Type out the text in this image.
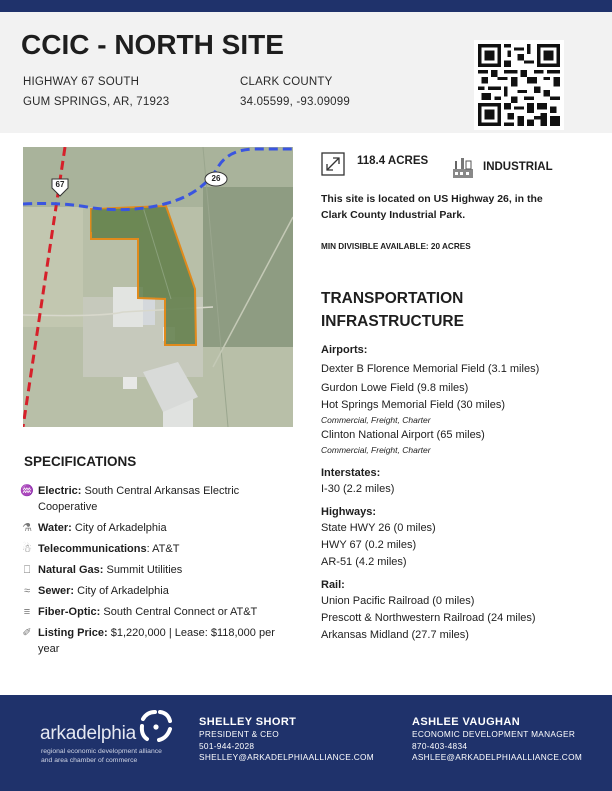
CCIC - NORTH SITE
HIGHWAY 67 SOUTH
GUM SPRINGS, AR, 71923
CLARK COUNTY
34.05599, -93.09099
67
26
118.4 ACRES	INDUSTRIAL
This site is located on US Highway 26, in the Clark County Industrial Park.
MIN DIVISIBLE AVAILABLE: 20 ACRES
TRANSPORTATION
INFRASTRUCTURE
Airports:
Dexter B Florence Memorial Field (3.1 miles)
Gurdon Lowe Field (9.8 miles)
Hot Springs Memorial Field (30 miles)
Commercial, Freight, Charter
Clinton National Airport (65 miles)
Commercial, Freight, Charter
Interstates:
I-30 (2.2 miles)
Highways:
State HWY 26 (0 miles)
HWY 67 (0.2 miles)
AR-51 (4.2 miles)
Rail:
Union Pacific Railroad (0 miles)
Prescott & Northwestern Railroad (24 miles)
Arkansas Midland (27.7 miles)
SPECIFICATIONS
♒ Electric: South Central Arkansas Electric Cooperative
⚗ Water: City of Arkadelphia
☃ Telecommunications: AT&T
⎕ Natural Gas: Summit Utilities
≈ Sewer: City of Arkadelphia
≡ Fiber-Optic: South Central Connect or AT&T
✐ Listing Price: $1,220,000 | Lease: $118,000 per year
arkadelphia
regional economic development alliance
and area chamber of commerce
SHELLEY SHORT
PRESIDENT & CEO
501-944-2028
SHELLEY@ARKADELPHIAALLIANCE.COM
ASHLEE VAUGHAN
ECONOMIC DEVELOPMENT MANAGER
870-403-4834
ASHLEE@ARKADELPHIAALLIANCE.COM
